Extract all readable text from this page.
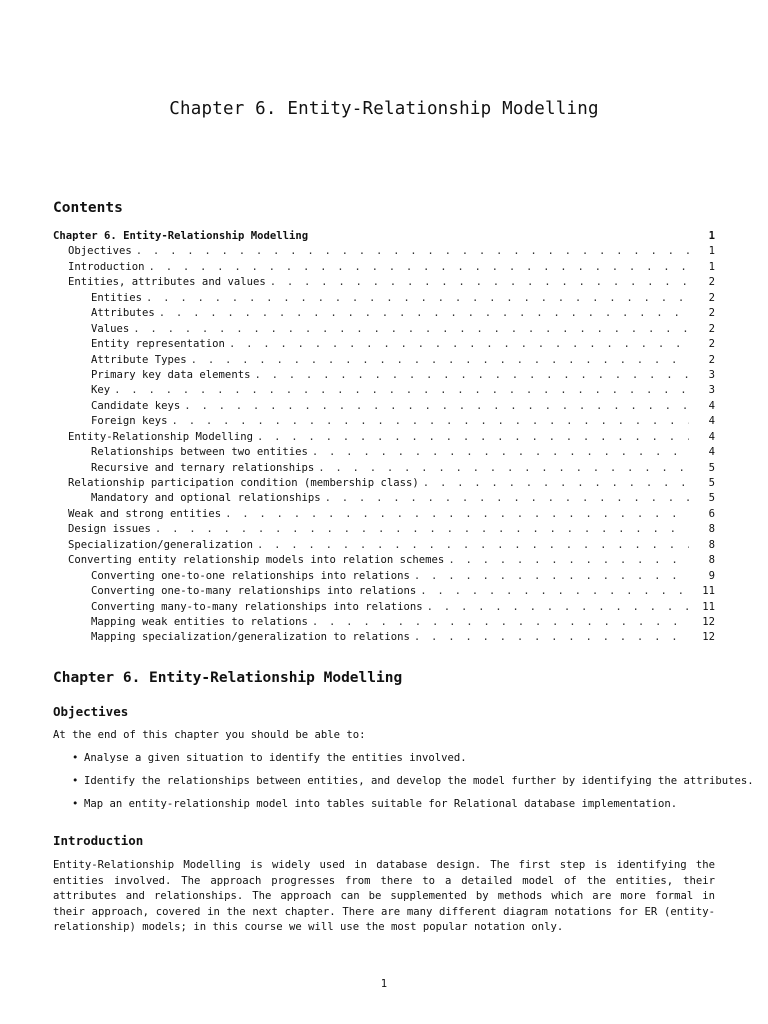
Chapter 6. Entity-Relationship Modelling
Contents
Chapter 6. Entity-Relationship Modelling	1
Objectives . . .	1
Introduction . . .	1
Entities, attributes and values . . .	2
Entities . . .	2
Attributes . . .	2
Values . . .	2
Entity representation . . .	2
Attribute Types . . .	2
Primary key data elements . . .	3
Key . . .	3
Candidate keys . . .	4
Foreign keys . . .	4
Entity-Relationship Modelling . . .	4
Relationships between two entities . . .	4
Recursive and ternary relationships . . .	5
Relationship participation condition (membership class) . . .	5
Mandatory and optional relationships . . .	5
Weak and strong entities . . .	6
Design issues . . .	8
Specialization/generalization . . .	8
Converting entity relationship models into relation schemes . . .	8
Converting one-to-one relationships into relations . . .	9
Converting one-to-many relationships into relations . . .	11
Converting many-to-many relationships into relations . . .	11
Mapping weak entities to relations . . .	12
Mapping specialization/generalization to relations . . .	12
Chapter 6. Entity-Relationship Modelling
Objectives

At the end of this chapter you should be able to:

• Analyse a given situation to identify the entities involved.
• Identify the relationships between entities, and develop the model further by identifying the attributes.
• Map an entity-relationship model into tables suitable for Relational database implementation.
Introduction

Entity-Relationship Modelling is widely used in database design. The first step is identifying the entities involved. The approach progresses from there to a detailed model of the entities, their attributes and relationships. The approach can be supplemented by methods which are more formal in their approach, covered in the next chapter. There are many different diagram notations for ER (entity-relationship) models; in this course we will use the most popular notation only.

1
